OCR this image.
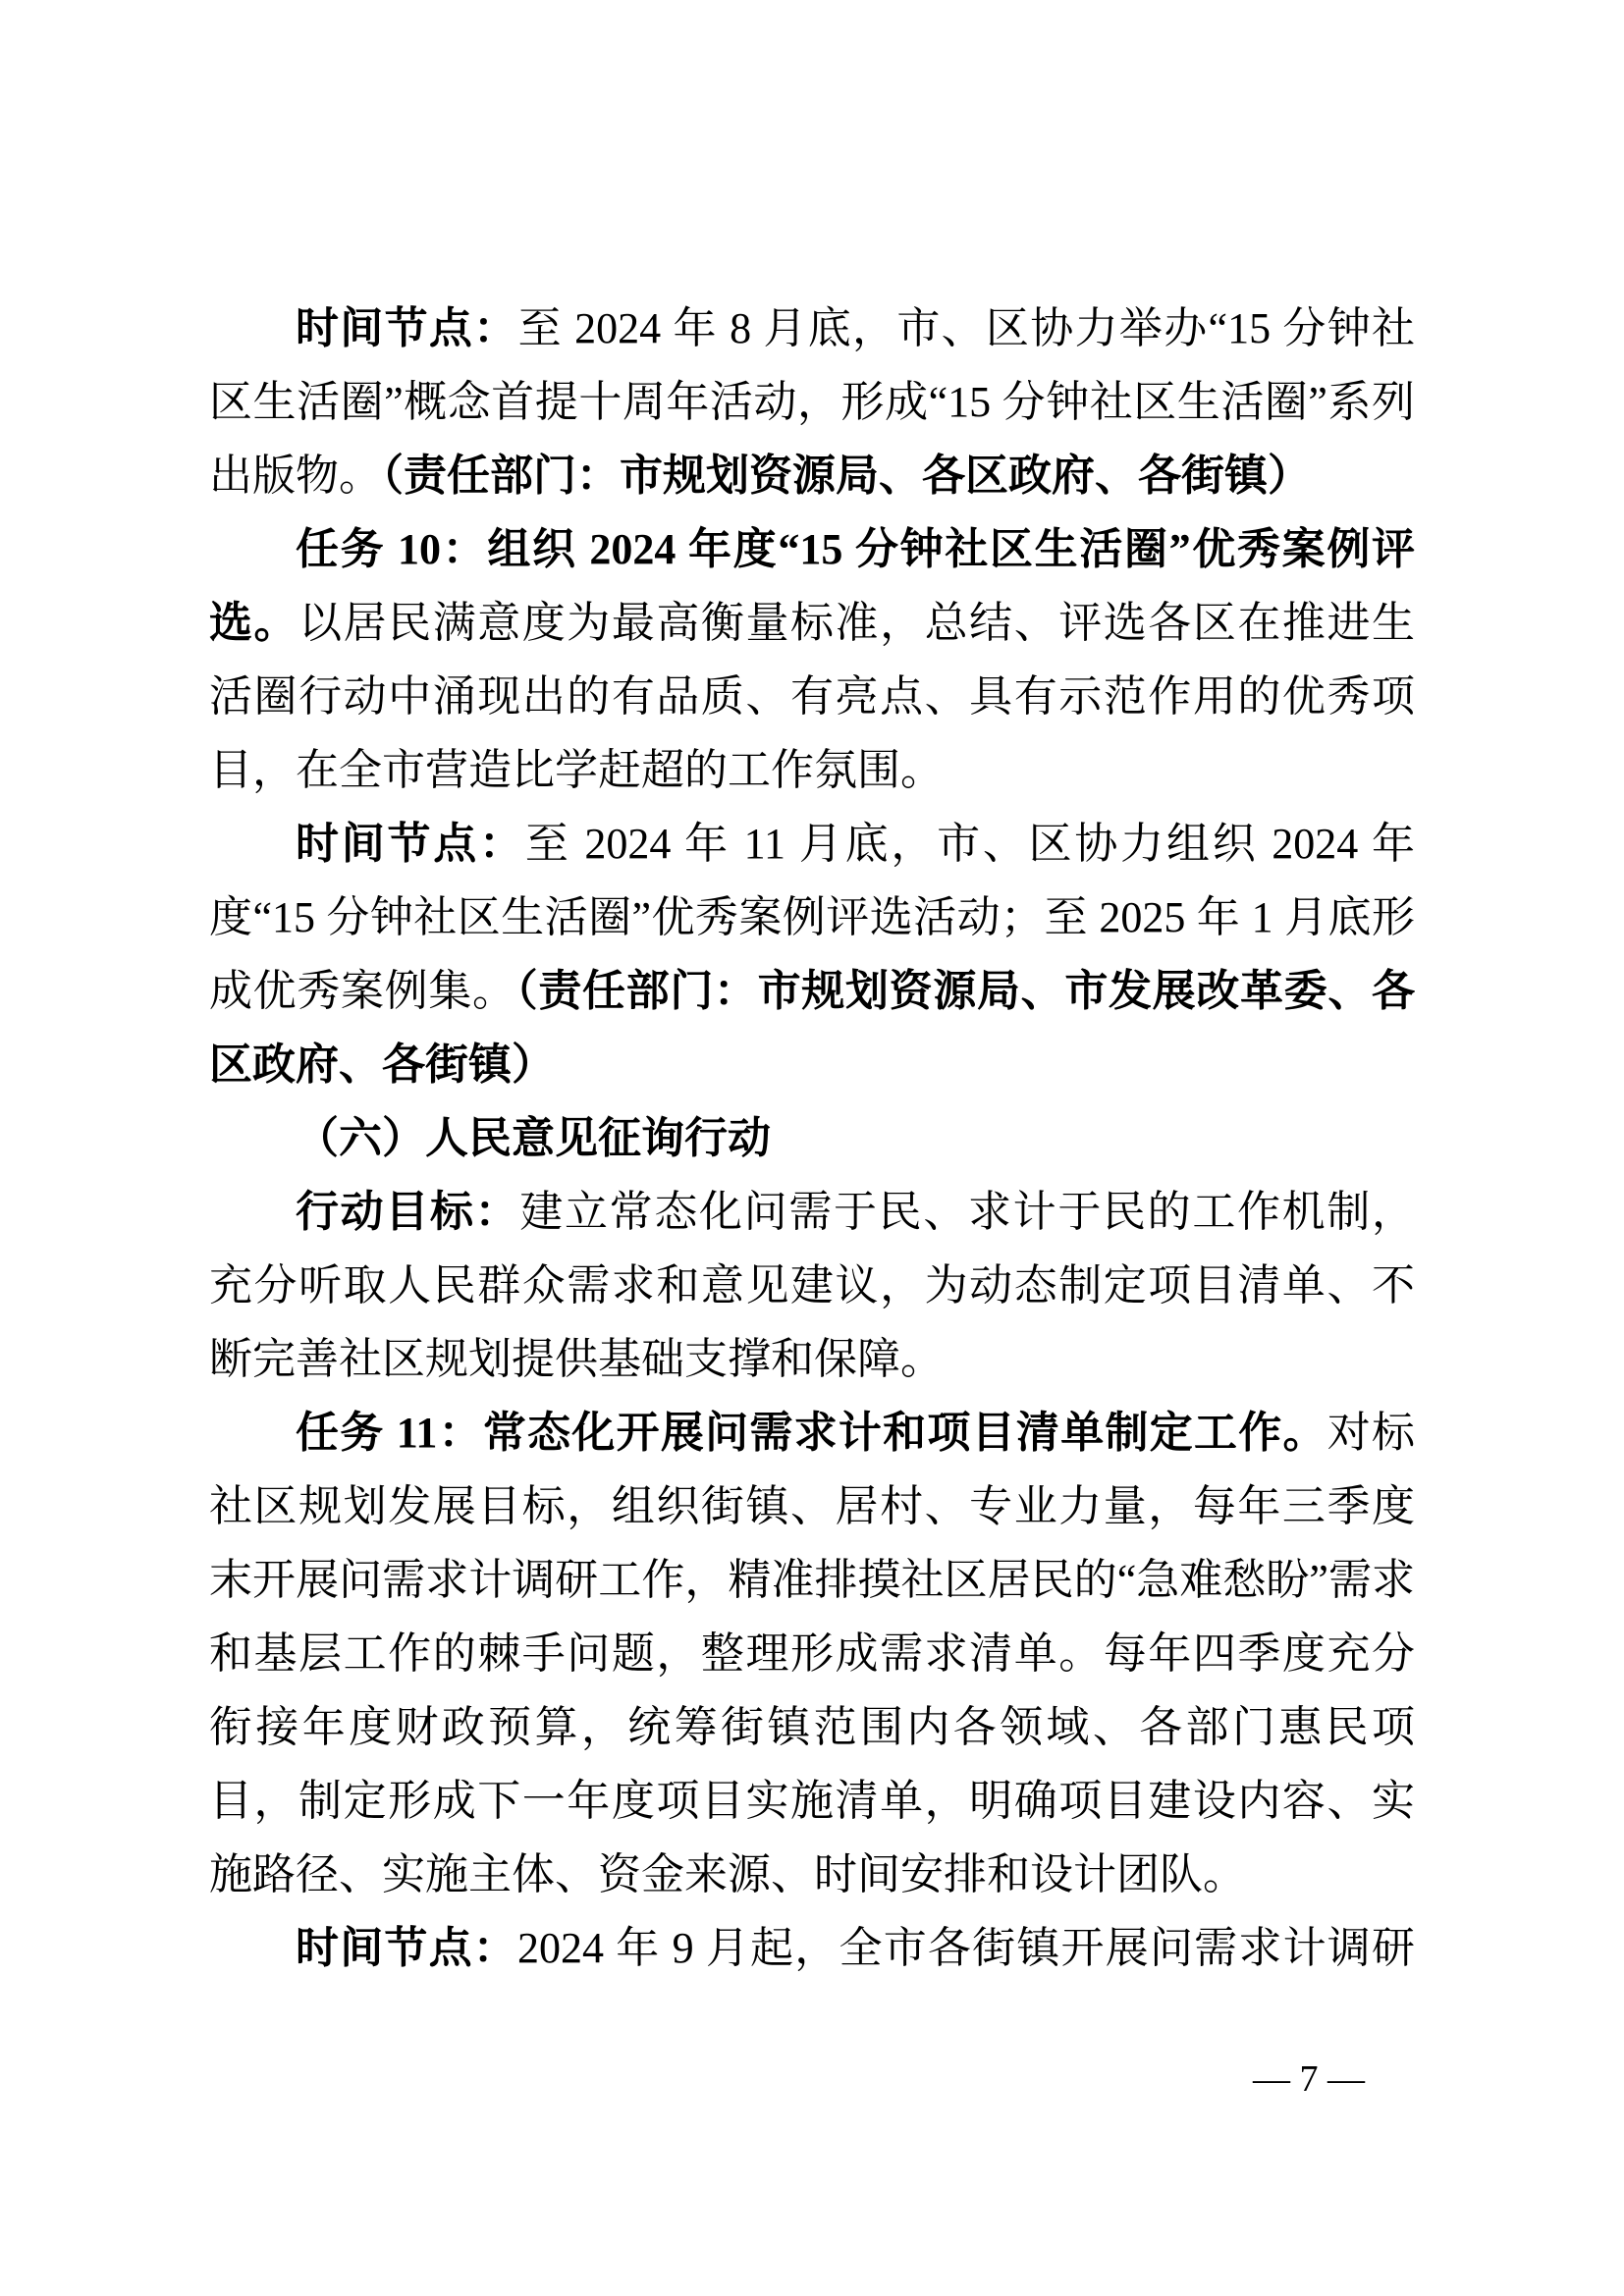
时间节点：至 2024 年 8 月底，市、区协力举办“15 分钟社区生活圈”概念首提十周年活动，形成“15 分钟社区生活圈”系列出版物。（责任部门：市规划资源局、各区政府、各街镇）

任务 10：组织 2024 年度“15 分钟社区生活圈”优秀案例评选。以居民满意度为最高衡量标准，总结、评选各区在推进生活圈行动中涌现出的有品质、有亮点、具有示范作用的优秀项目，在全市营造比学赶超的工作氛围。

时间节点：至 2024 年 11 月底，市、区协力组织 2024 年度“15 分钟社区生活圈”优秀案例评选活动；至 2025 年 1 月底形成优秀案例集。（责任部门：市规划资源局、市发展改革委、各区政府、各街镇）

（六）人民意见征询行动

行动目标：建立常态化问需于民、求计于民的工作机制，充分听取人民群众需求和意见建议，为动态制定项目清单、不断完善社区规划提供基础支撑和保障。

任务 11：常态化开展问需求计和项目清单制定工作。对标社区规划发展目标，组织街镇、居村、专业力量，每年三季度末开展问需求计调研工作，精准排摸社区居民的“急难愁盼”需求和基层工作的棘手问题，整理形成需求清单。每年四季度充分衔接年度财政预算，统筹街镇范围内各领域、各部门惠民项目，制定形成下一年度项目实施清单，明确项目建设内容、实施路径、实施主体、资金来源、时间安排和设计团队。

时间节点：2024 年 9 月起，全市各街镇开展问需求计调研

— 7 —
